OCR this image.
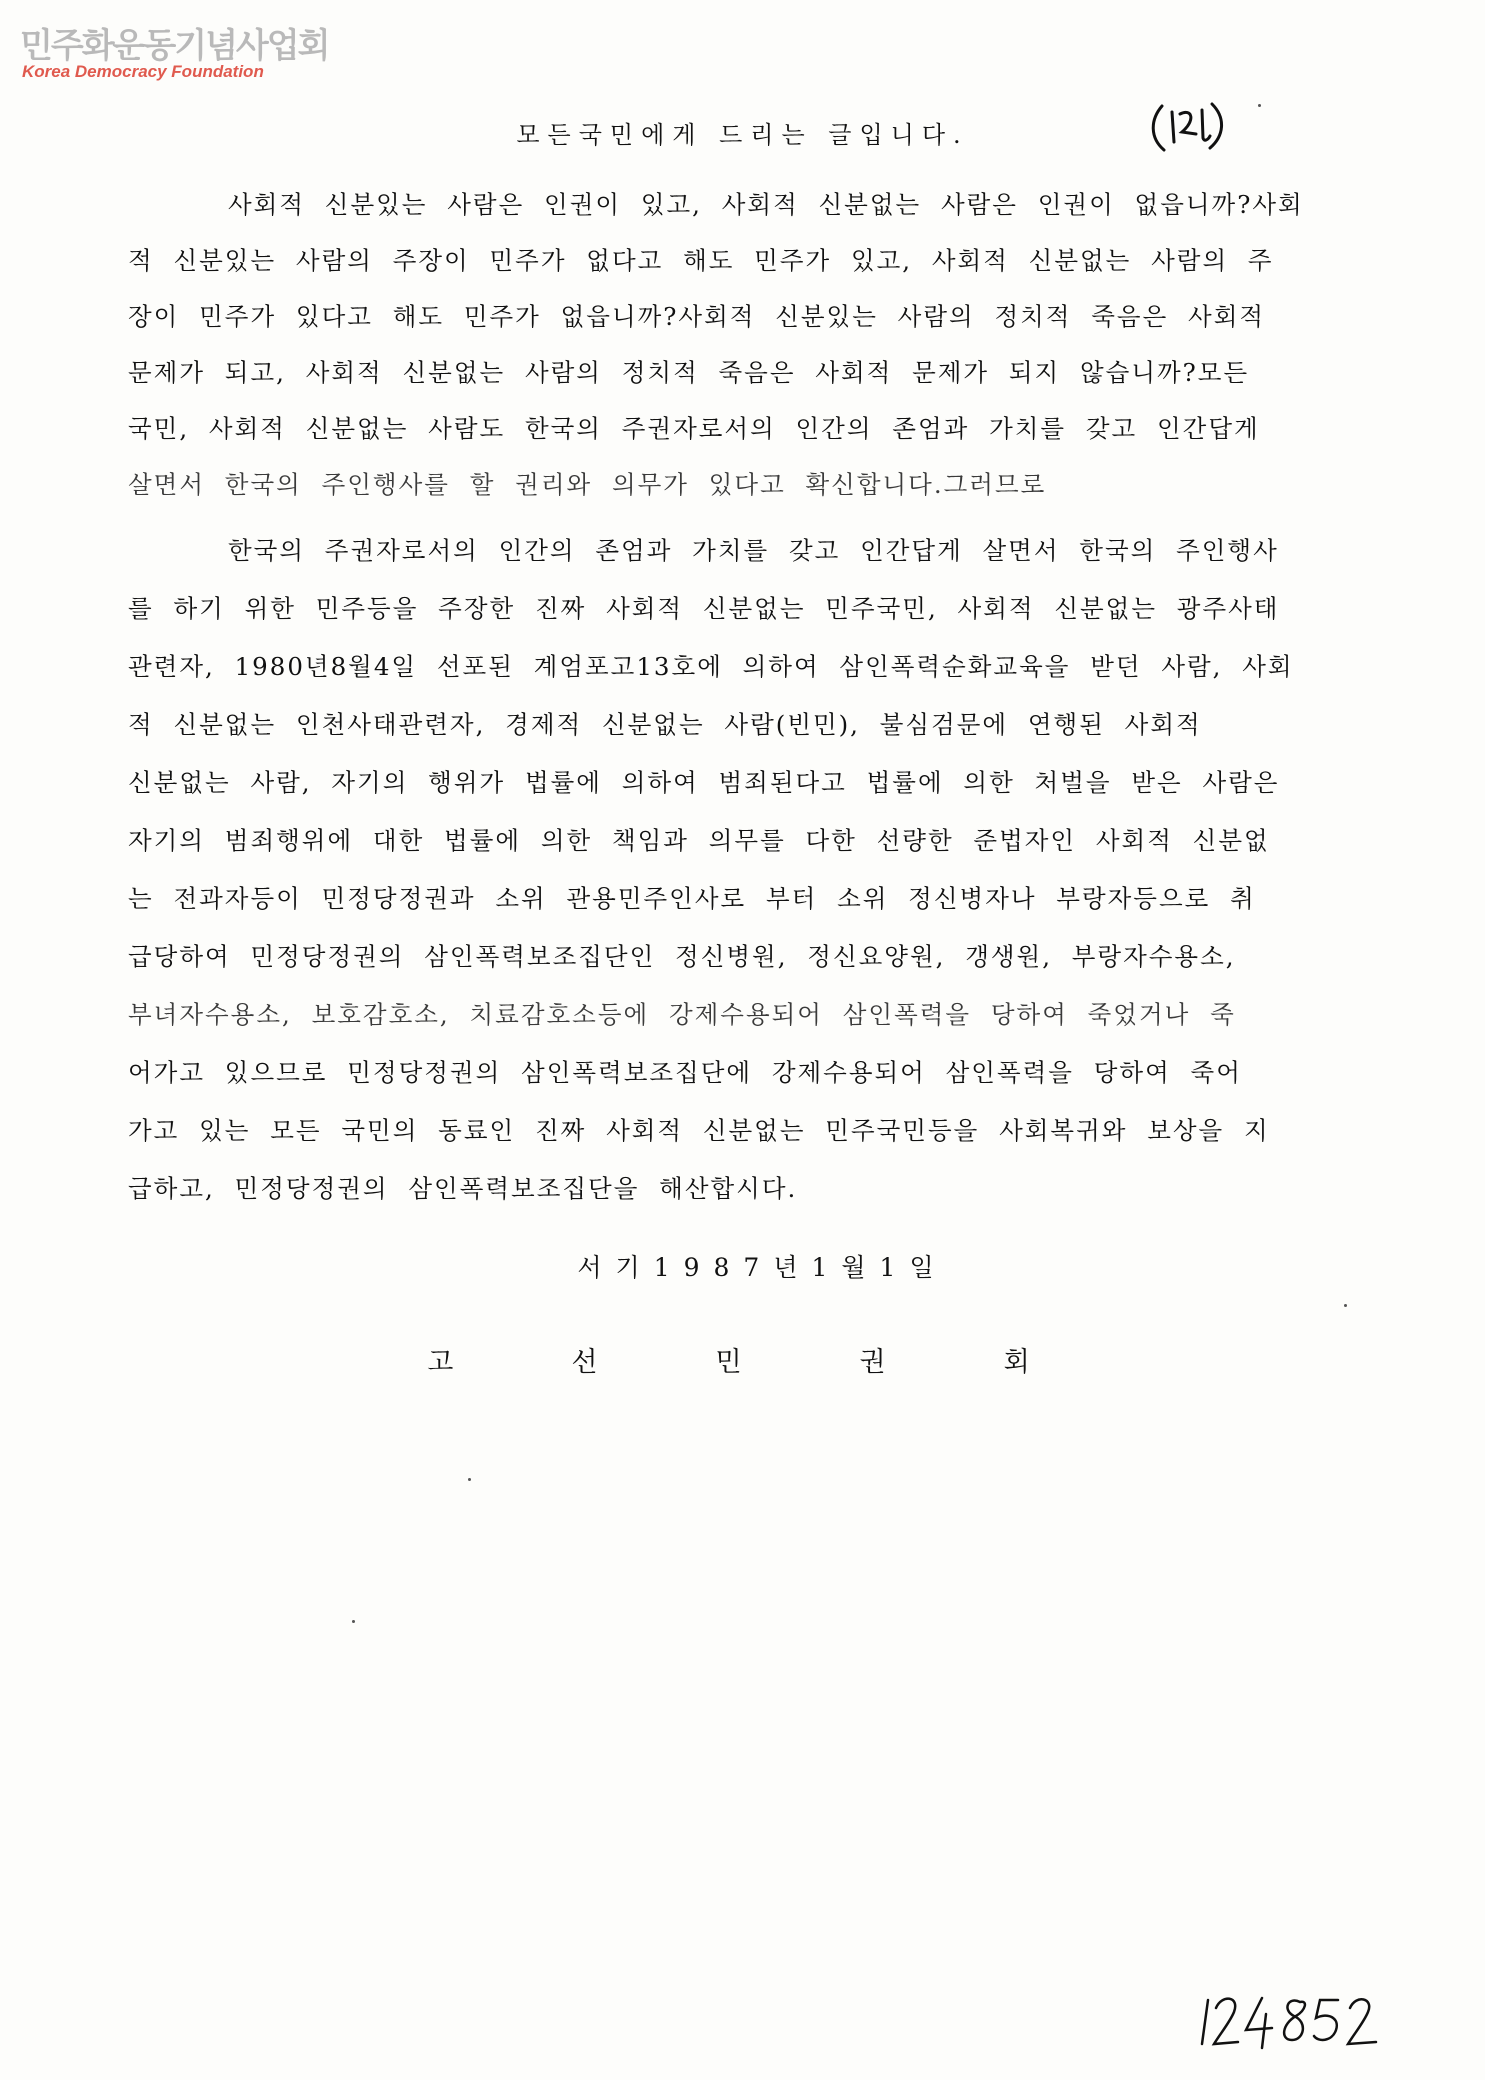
민주화운동기념사업회
Korea Democracy Foundation
모든국민에게 드리는 글입니다.
사회적 신분있는 사람은 인권이 있고, 사회적 신분없는 사람은 인권이 없읍니까?사회
적 신분있는 사람의 주장이 민주가 없다고 해도 민주가 있고, 사회적 신분없는 사람의 주
장이 민주가 있다고 해도 민주가 없읍니까?사회적 신분있는 사람의 정치적 죽음은 사회적
문제가 되고, 사회적 신분없는 사람의 정치적 죽음은 사회적 문제가 되지 않습니까?모든
국민, 사회적 신분없는 사람도 한국의 주권자로서의 인간의 존엄과 가치를 갖고 인간답게
살면서 한국의 주인행사를 할 권리와 의무가 있다고 확신합니다.그러므로
한국의 주권자로서의 인간의 존엄과 가치를 갖고 인간답게 살면서 한국의 주인행사
를 하기 위한 민주등을 주장한 진짜 사회적 신분없는 민주국민, 사회적 신분없는 광주사태
관련자, 1980년8월4일 선포된 계엄포고13호에 의하여 삼인폭력순화교육을 받던 사람, 사회
적 신분없는 인천사태관련자, 경제적 신분없는 사람(빈민), 불심검문에 연행된 사회적
신분없는 사람, 자기의 행위가 법률에 의하여 범죄된다고 법률에 의한 처벌을 받은 사람은
자기의 범죄행위에 대한 법률에 의한 책임과 의무를 다한 선량한 준법자인 사회적 신분없
는 전과자등이 민정당정권과 소위 관용민주인사로 부터 소위 정신병자나 부랑자등으로 취
급당하여 민정당정권의 삼인폭력보조집단인 정신병원, 정신요양원, 갱생원, 부랑자수용소,
부녀자수용소, 보호감호소, 치료감호소등에 강제수용되어 삼인폭력을 당하여 죽었거나 죽
어가고 있으므로 민정당정권의 삼인폭력보조집단에 강제수용되어 삼인폭력을 당하여 죽어
가고 있는 모든 국민의 동료인 진짜 사회적 신분없는 민주국민등을 사회복귀와 보상을 지
급하고, 민정당정권의 삼인폭력보조집단을 해산합시다.
서기1987년1월1일
고선민권회
